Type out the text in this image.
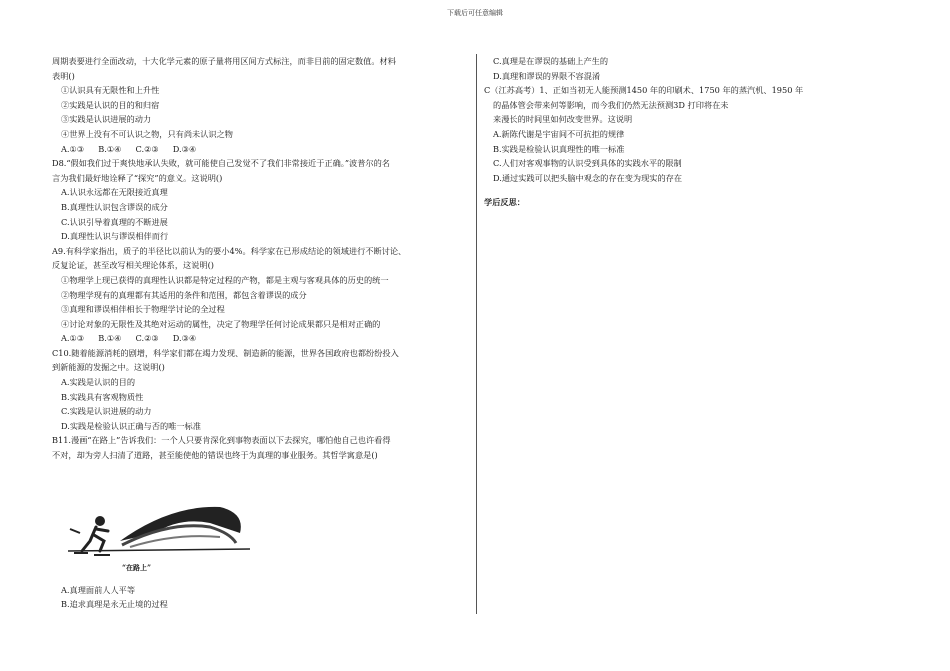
下载后可任意编辑
周期表要进行全面改动，十大化学元素的原子量将用区间方式标注，而非目前的固定数值。材料
表明()
①认识具有无限性和上升性
②实践是认识的目的和归宿
③实践是认识进展的动力
④世界上没有不可认识之物，只有尚未认识之物
A.①③ B.①④ C.②③ D.③④
D8.“假如我们过于爽快地承认失败，就可能使自己发觉不了我们非常接近于正确。”波普尔的名
言为我们最好地诠释了“探究”的意义。这说明()
A.认识永远都在无限接近真理
B.真理性认识包含谬误的成分
C.认识引导着真理的不断进展
D.真理性认识与谬误相伴而行
A9.有科学家指出，质子的半径比以前认为的要小4%。科学家在已形成结论的领域进行不断讨论、
反复论证，甚至改写相关理论体系，这说明()
①物理学上现已获得的真理性认识都是特定过程的产物，都是主观与客观具体的历史的统一
②物理学现有的真理都有其适用的条件和范围，都包含着谬误的成分
③真理和谬误相伴相长于物理学讨论的全过程
④讨论对象的无限性及其绝对运动的属性，决定了物理学任何讨论成果都只是相对正确的
A.①③ B.①④ C.②③ D.③④
C10.随着能源消耗的剧增，科学家们都在竭力发现、制造新的能源，世界各国政府也都纷纷投入
到新能源的发掘之中。这说明()
A.实践是认识的目的
B.实践具有客观物质性
C.实践是认识进展的动力
D.实践是检验认识正确与否的唯一标准
B11.漫画“在路上”告诉我们：一个人只要肯深化到事物表面以下去探究，哪怕他自己也许看得
不对，却为旁人扫清了道路，甚至能使他的错误也终于为真理的事业服务。其哲学寓意是()
“在路上”
A.真理面前人人平等
B.追求真理是永无止境的过程
C.真理是在谬误的基础上产生的
D.真理和谬误的界限不容混淆
C（江苏高考）1、正如当初无人能预测1450 年的印刷术、1750 年的蒸汽机、1950 年
的晶体管会带来何等影响，而今我们仍然无法预测3D 打印将在未
来漫长的时间里如何改变世界。这说明
A.新陈代谢是宇宙间不可抗拒的规律
B.实践是检验认识真理性的唯一标准
C.人们对客观事物的认识受到具体的实践水平的限制
D.通过实践可以把头脑中观念的存在变为现实的存在
学后反思：
